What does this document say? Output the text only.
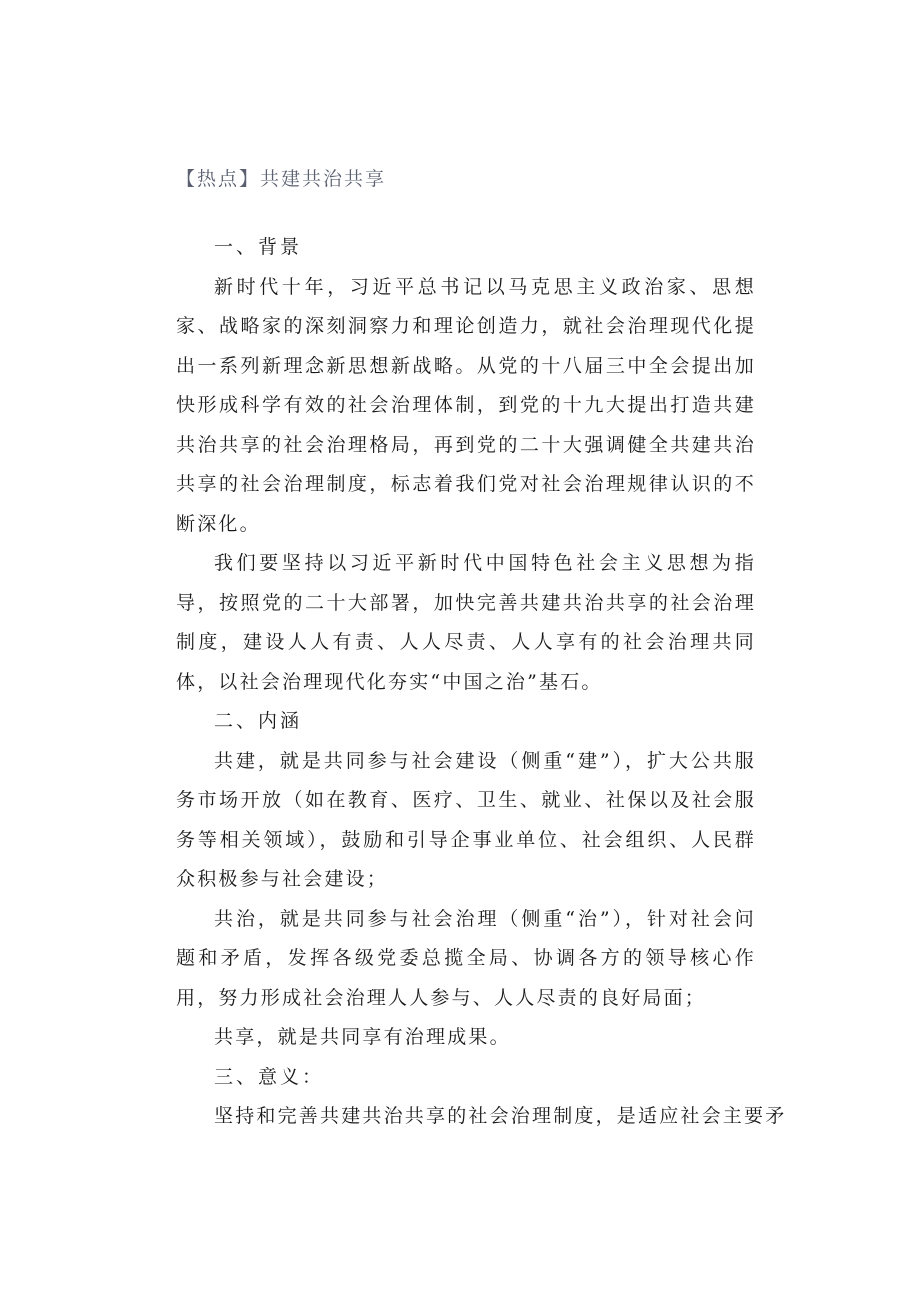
【热点】共建共治共享

一、背景

新时代十年，习近平总书记以马克思主义政治家、思想家、战略家的深刻洞察力和理论创造力，就社会治理现代化提出一系列新理念新思想新战略。从党的十八届三中全会提出加快形成科学有效的社会治理体制，到党的十九大提出打造共建共治共享的社会治理格局，再到党的二十大强调健全共建共治共享的社会治理制度，标志着我们党对社会治理规律认识的不断深化。

我们要坚持以习近平新时代中国特色社会主义思想为指导，按照党的二十大部署，加快完善共建共治共享的社会治理制度，建设人人有责、人人尽责、人人享有的社会治理共同体，以社会治理现代化夯实“中国之治”基石。

二、内涵

共建，就是共同参与社会建设（侧重“建”），扩大公共服务市场开放（如在教育、医疗、卫生、就业、社保以及社会服务等相关领域），鼓励和引导企事业单位、社会组织、人民群众积极参与社会建设；

共治，就是共同参与社会治理（侧重“治”），针对社会问题和矛盾，发挥各级党委总揽全局、协调各方的领导核心作用，努力形成社会治理人人参与、人人尽责的良好局面；

共享，就是共同享有治理成果。

三、意义：

坚持和完善共建共治共享的社会治理制度，是适应社会主要矛
